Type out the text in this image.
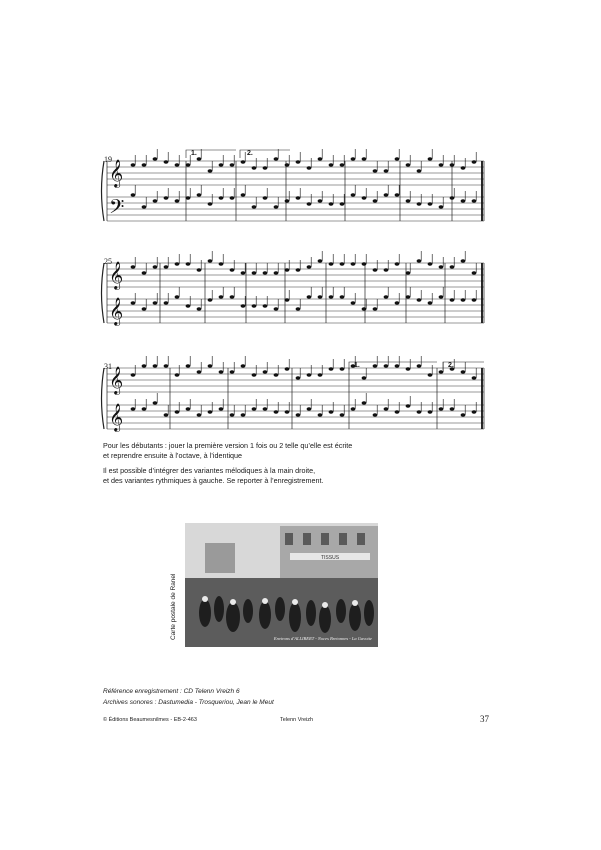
𝄞
𝄢
𝄞
𝄞
𝄞
𝄞
19
1.	2.
25
31	1.	2.
Pour les débutants : jouer la première version 1 fois ou 2 telle qu’elle est écrite
et reprendre ensuite à l’octave, à l’identique
Il est possible d’intégrer des variantes mélodiques à la main droite,
et des variantes rythmiques à gauche. Se reporter à l’enregistrement.
TISSUS
Environs d'ALLIBERT - Noces Bretonnes - La Gavotte
Carte postale de Ranel
Référence enregistrement : CD Telenn Vreizh 6
Archives sonores : Dastumedia - Trosqueriou, Jean le Meut
© Éditions Beaumesnilmes - EB-2-463	Telenn Vreizh	37
